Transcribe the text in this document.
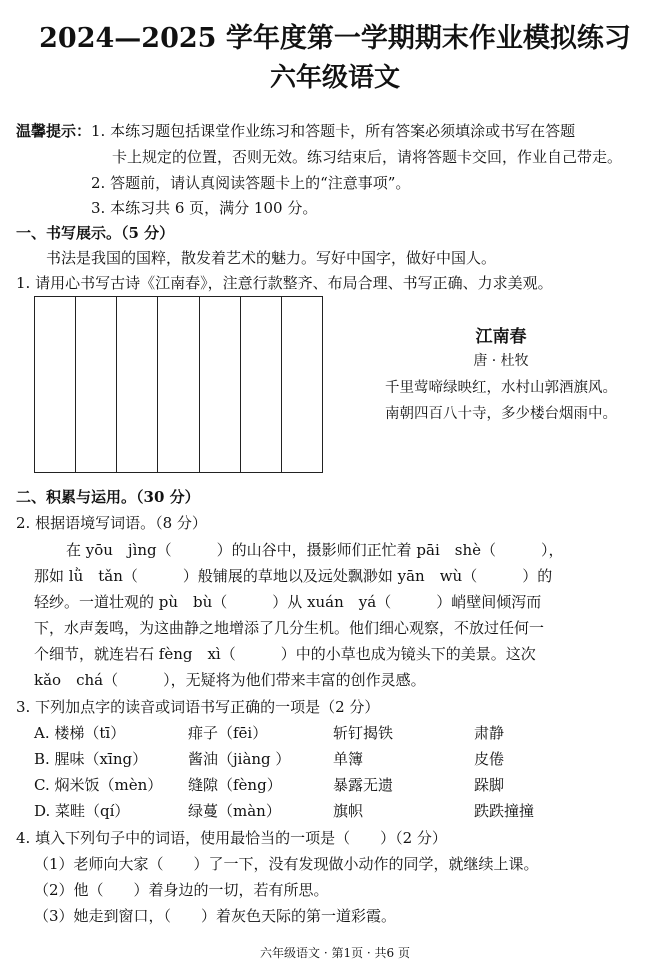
2024—2025 学年度第一学期期末作业模拟练习
六年级语文
温馨提示： 1. 本练习题包括课堂作业练习和答题卡，所有答案必须填涂或书写在答题
卡上规定的位置，否则无效。练习结束后，请将答题卡交回，作业自己带走。
2. 答题前，请认真阅读答题卡上的“注意事项”。
3. 本练习共 6 页，满分 100 分。
一、书写展示。（5 分）
书法是我国的国粹，散发着艺术的魅力。写好中国字，做好中国人。
1. 请用心书写古诗《江南春》，注意行款整齐、布局合理、书写正确、力求美观。
江南春
唐 · 杜牧
千里莺啼绿映红，水村山郭酒旗风。
南朝四百八十寺，多少楼台烟雨中。
二、积累与运用。（30 分）
2. 根据语境写词语。（8 分）
在 yōu　jìng（　　　）的山谷中，摄影师们正忙着 pāi　shè（　　　），
那如 lǜ　tǎn（　　　）般铺展的草地以及远处飘渺如 yān　wù（　　　）的
轻纱。一道壮观的 pù　bù（　　　）从 xuán　yá（　　　）峭壁间倾泻而
下，水声轰鸣，为这曲静之地增添了几分生机。他们细心观察，不放过任何一
个细节，就连岩石 fèng　xì（　　　）中的小草也成为镜头下的美景。这次
kǎo　chá（　　　），无疑将为他们带来丰富的创作灵感。
3. 下列加点字的读音或词语书写正确的一项是（2 分）
A. 楼梯（tī）	痱子（fēi）	斩钉揭铁	肃静
B. 腥味（xīng）	酱油（jiàng ）	单簿	皮倦
C. 焖米饭（mèn） 缝隙（fèng）	暴露无遗	跺脚
D. 菜畦（qí）	绿蔓（màn）	旗帜	跌跌撞撞
4. 填入下列句子中的词语，使用最恰当的一项是（　　）（2 分）
（1）老师向大家（　　）了一下，没有发现做小动作的同学，就继续上课。
（2）他（　　）着身边的一切，若有所思。
（3）她走到窗口，（　　）着灰色天际的第一道彩霞。
六年级语文 · 第1页 · 共6 页
